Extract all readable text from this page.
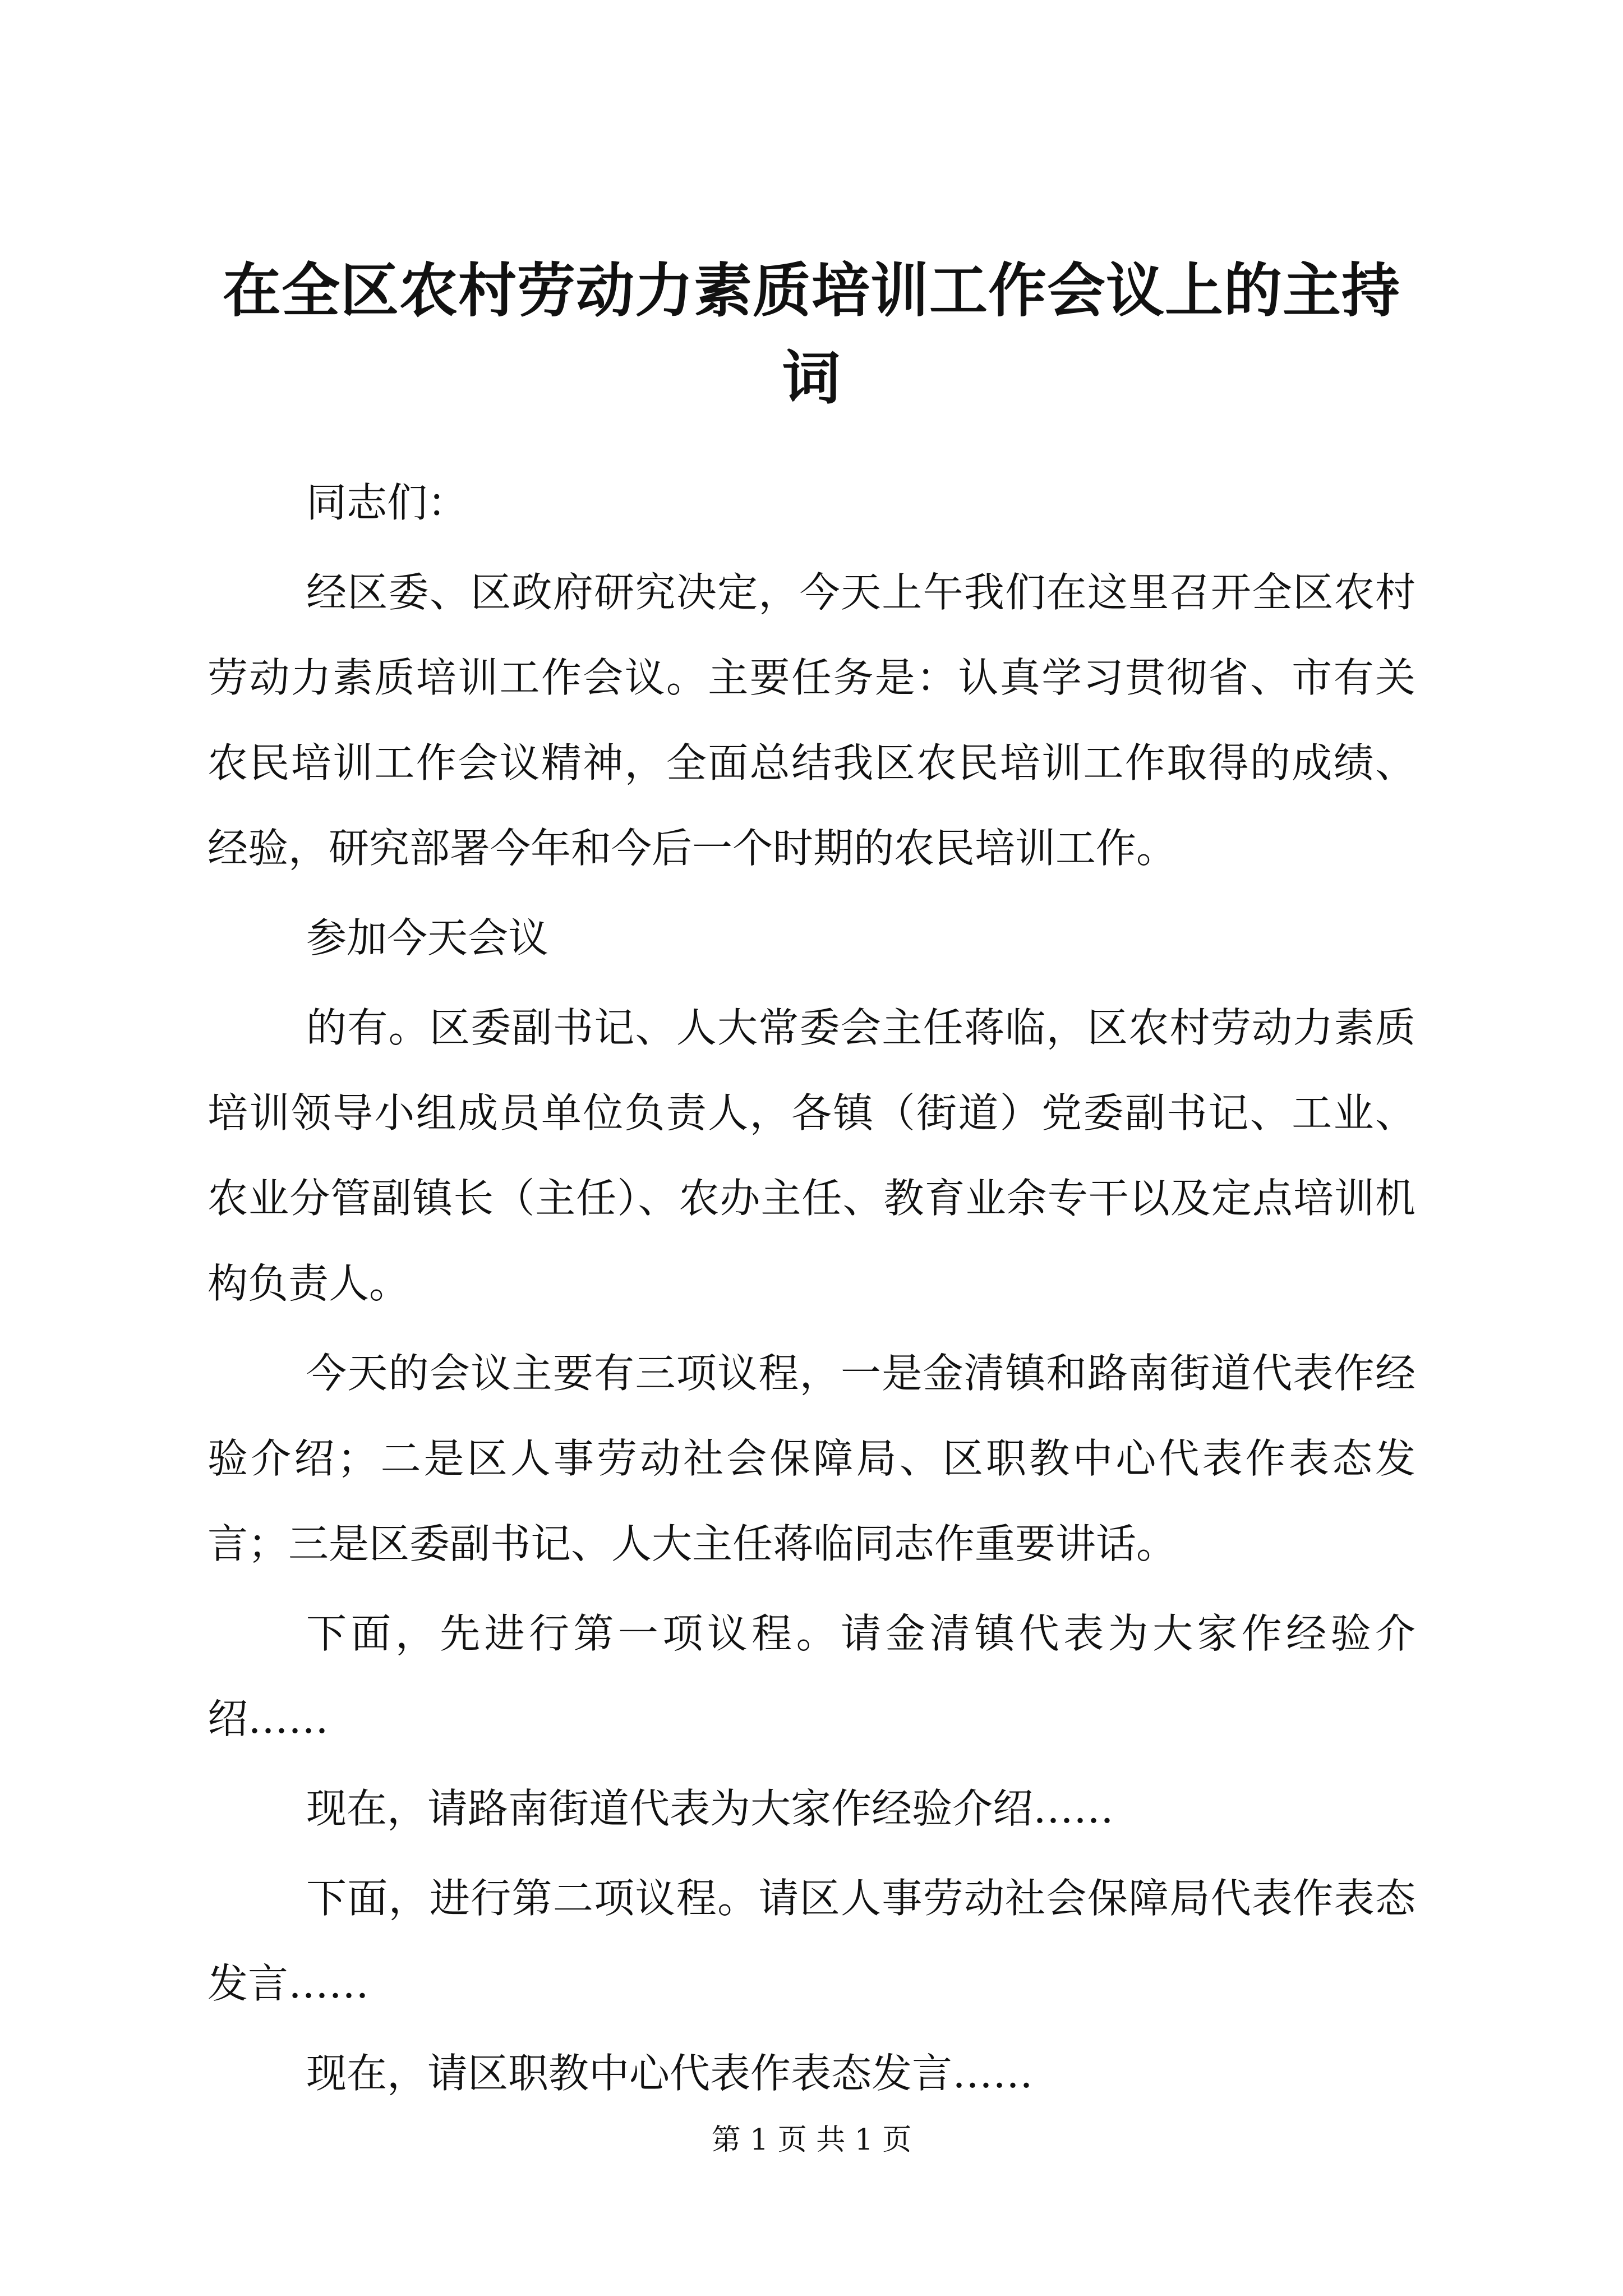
在全区农村劳动力素质培训工作会议上的主持
词

同志们：

经区委、区政府研究决定，今天上午我们在这里召开全区农村劳动力素质培训工作会议。主要任务是：认真学习贯彻省、市有关农民培训工作会议精神，全面总结我区农民培训工作取得的成绩、经验，研究部署今年和今后一个时期的农民培训工作。

参加今天会议

的有。区委副书记、人大常委会主任蒋临，区农村劳动力素质培训领导小组成员单位负责人，各镇（街道）党委副书记、工业、农业分管副镇长（主任）、农办主任、教育业余专干以及定点培训机构负责人。

今天的会议主要有三项议程，一是金清镇和路南街道代表作经验介绍；二是区人事劳动社会保障局、区职教中心代表作表态发言；三是区委副书记、人大主任蒋临同志作重要讲话。

下面，先进行第一项议程。请金清镇代表为大家作经验介绍……

现在，请路南街道代表为大家作经验介绍……

下面，进行第二项议程。请区人事劳动社会保障局代表作表态发言……

现在，请区职教中心代表作表态发言……

第 1 页 共 1 页
